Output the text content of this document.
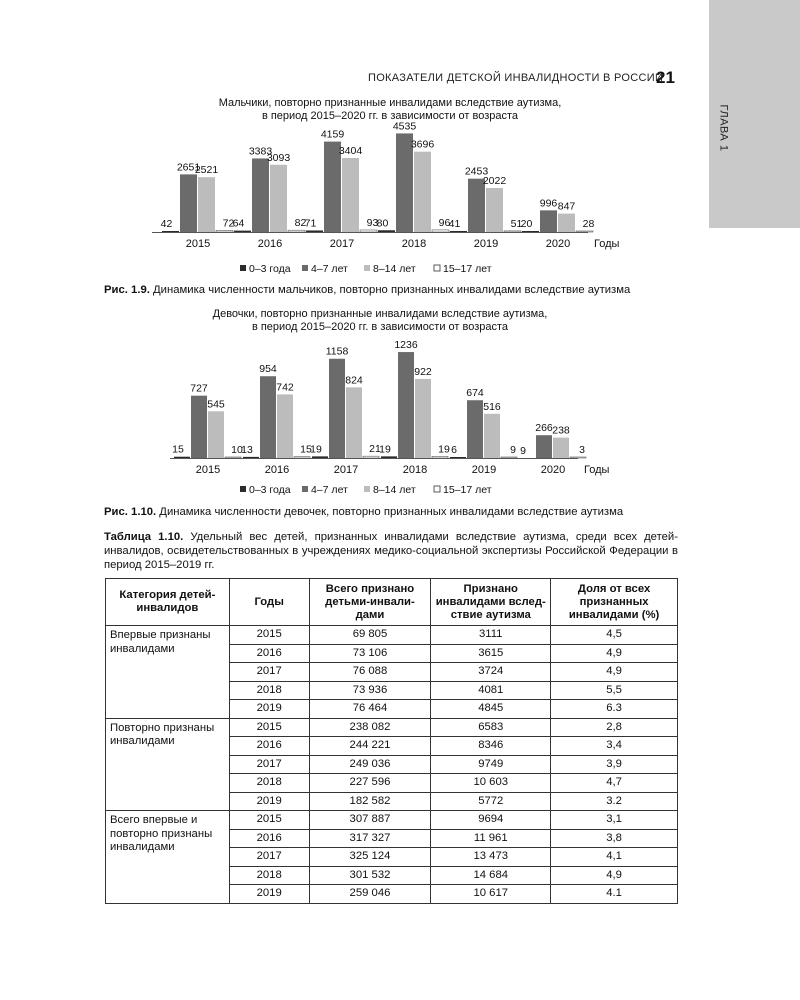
ГЛАВА 1
ПОКАЗАТЕЛИ ДЕТСКОЙ ИНВАЛИДНОСТИ В РОССИИ
21
Мальчики, повторно признанные инвалидами вследствие аутизма,
в период 2015–2020 гг. в зависимости от возраста
42
2651
2521
72
2015
64
3383
3093
82
2016
71
4159
3404
93
2017
80
4535
3696
96
2018
41
2453
2022
51
2019
20
996 847
28
2020 Годы
0–3 года 4–7 лет 8–14 лет	15–17 лет
Рис. 1.9. Динамика численности мальчиков, повторно признанных инвалидами вследствие аутизма
Девочки, повторно признанные инвалидами вследствие аутизма,
в период 2015–2020 гг. в зависимости от возраста
15
727
545
10
2015
13
954
742
15
2016
19
1158
824
21
2017
19
1236
922
19
2018
6
674
516
9
2019
9
266 238
3
2020 Годы
0–3 года 4–7 лет 8–14 лет	15–17 лет
Рис. 1.10. Динамика численности девочек, повторно признанных инвалидами вследствие аутизма
Таблица 1.10. Удельный вес детей, признанных инвалидами вследствие аутизма, среди всех детей-инвалидов, освидетельствованных в учреждениях медико-социальной экспертизы Российской Федерации в период 2015–2019 гг.
Категория детей-инвалидов	Годы	Всего признано детьми-инвали-дами	Признано инвалидами вслед-ствие аутизма	Доля от всех признанных инвалидами (%)
Впервые признаны инвалидами	2015	69 805	3111	4,5
	2016	73 106	3615	4,9
	2017	76 088	3724	4,9
	2018	73 936	4081	5,5
	2019	76 464	4845	6.3
Повторно признаны инвалидами	2015	238 082	6583	2,8
	2016	244 221	8346	3,4
	2017	249 036	9749	3,9
	2018	227 596	10 603	4,7
	2019	182 582	5772	3.2
Всего впервые и повторно признаны инвалидами	2015	307 887	9694	3,1
	2016	317 327	11 961	3,8
	2017	325 124	13 473	4,1
	2018	301 532	14 684	4,9
	2019	259 046	10 617	4.1
